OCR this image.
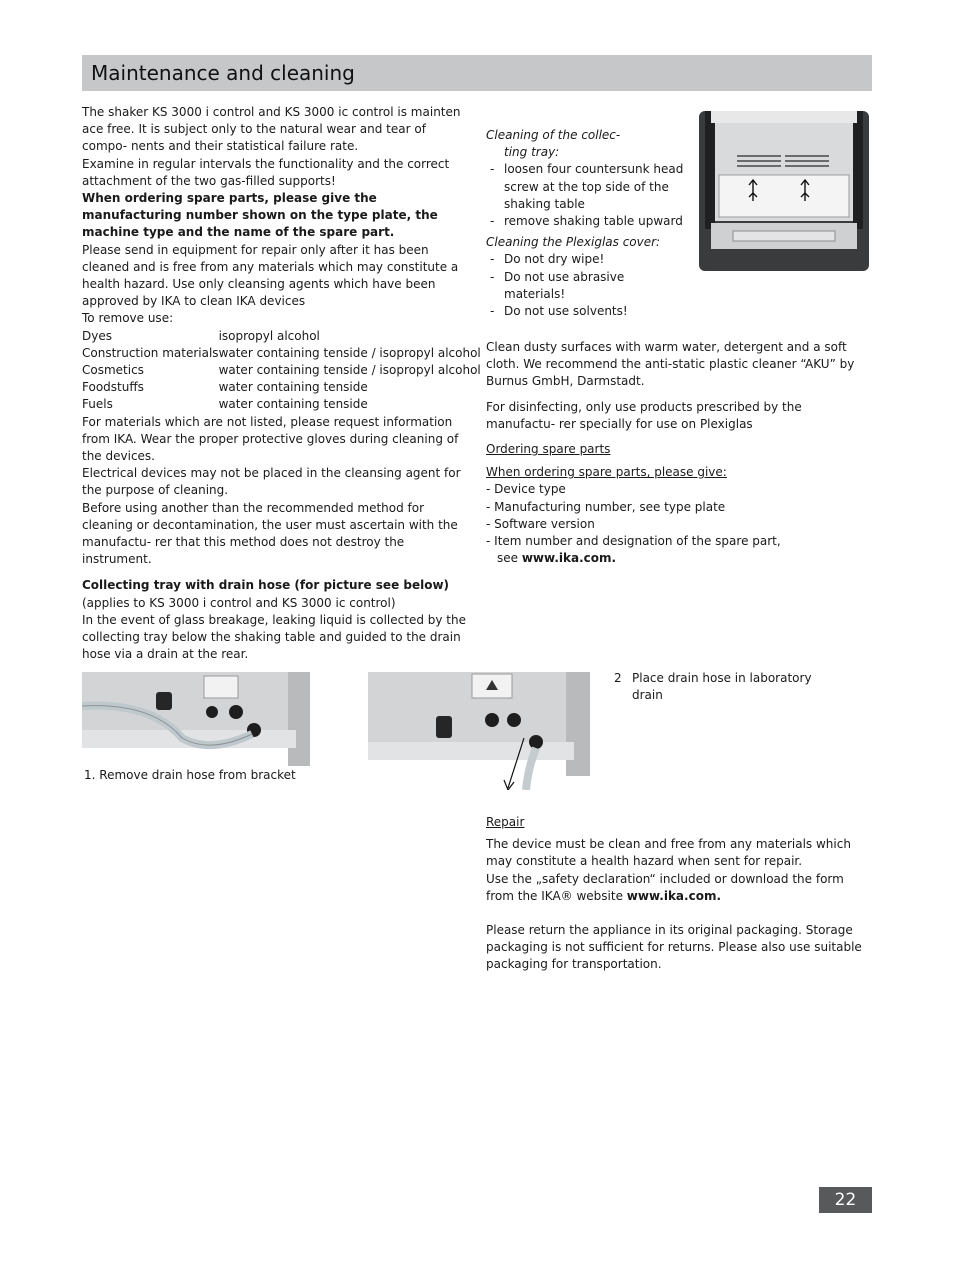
Maintenance and cleaning

The shaker KS 3000 i control and KS 3000 ic control is mainten ace free. It is subject only to the natural wear and tear of compo- nents and their statistical failure rate.

Examine in regular intervals the functionality and the correct attachment of the two gas-filled supports!

When ordering spare parts, please give the manufacturing number shown on the type plate, the machine type and the name of the spare part.

Please send in equipment for repair only after it has been cleaned and is free from any materials which may constitute a health hazard. Use only cleansing agents which have been approved by IKA to clean IKA devices

To remove use:

Dyes	isopropyl alcohol
Construction materials	water containing tenside / isopropyl alcohol
Cosmetics	water containing tenside / isopropyl alcohol
Foodstuffs	water containing tenside
Fuels	water containing tenside

For materials which are not listed, please request information from IKA. Wear the proper protective gloves during cleaning of the devices.

Electrical devices may not be placed in the cleansing agent for the purpose of cleaning.

Before using another than the recommended method for cleaning or decontamination, the user must ascertain with the manufactu- rer that this method does not destroy the instrument.

Collecting tray with drain hose (for picture see below)

(applies to KS 3000 i control and KS 3000 ic control)

In the event of glass breakage, leaking liquid is collected by the collecting tray below the shaking table and guided to the drain hose via a drain at the rear.

Cleaning of the collec-

ting tray:

- loosen four countersunk head screw at the top side of the shaking table
- remove shaking table upward

Cleaning the Plexiglas cover:

- Do not dry wipe!
- Do not use abrasive materials!
- Do not use solvents!

Clean dusty surfaces with warm water, detergent and a soft cloth. We recommend the anti-static plastic cleaner “AKU” by Burnus GmbH, Darmstadt.

For disinfecting, only use products prescribed by the manufactu- rer specially for use on Plexiglas

Ordering spare parts

When ordering spare parts, please give:

- Device type

- Manufacturing number, see type plate

- Software version

- Item number and designation of the spare part,

see www.ika.com.

1. Remove drain hose from bracket
2 Place drain hose in laboratory drain

Repair

The device must be clean and free from any materials which may constitute a health hazard when sent for repair.

Use the „safety declaration“ included or download the form from the IKA® website www.ika.com.

Please return the appliance in its original packaging. Storage packaging is not sufficient for returns. Please also use suitable packaging for transportation.

22
